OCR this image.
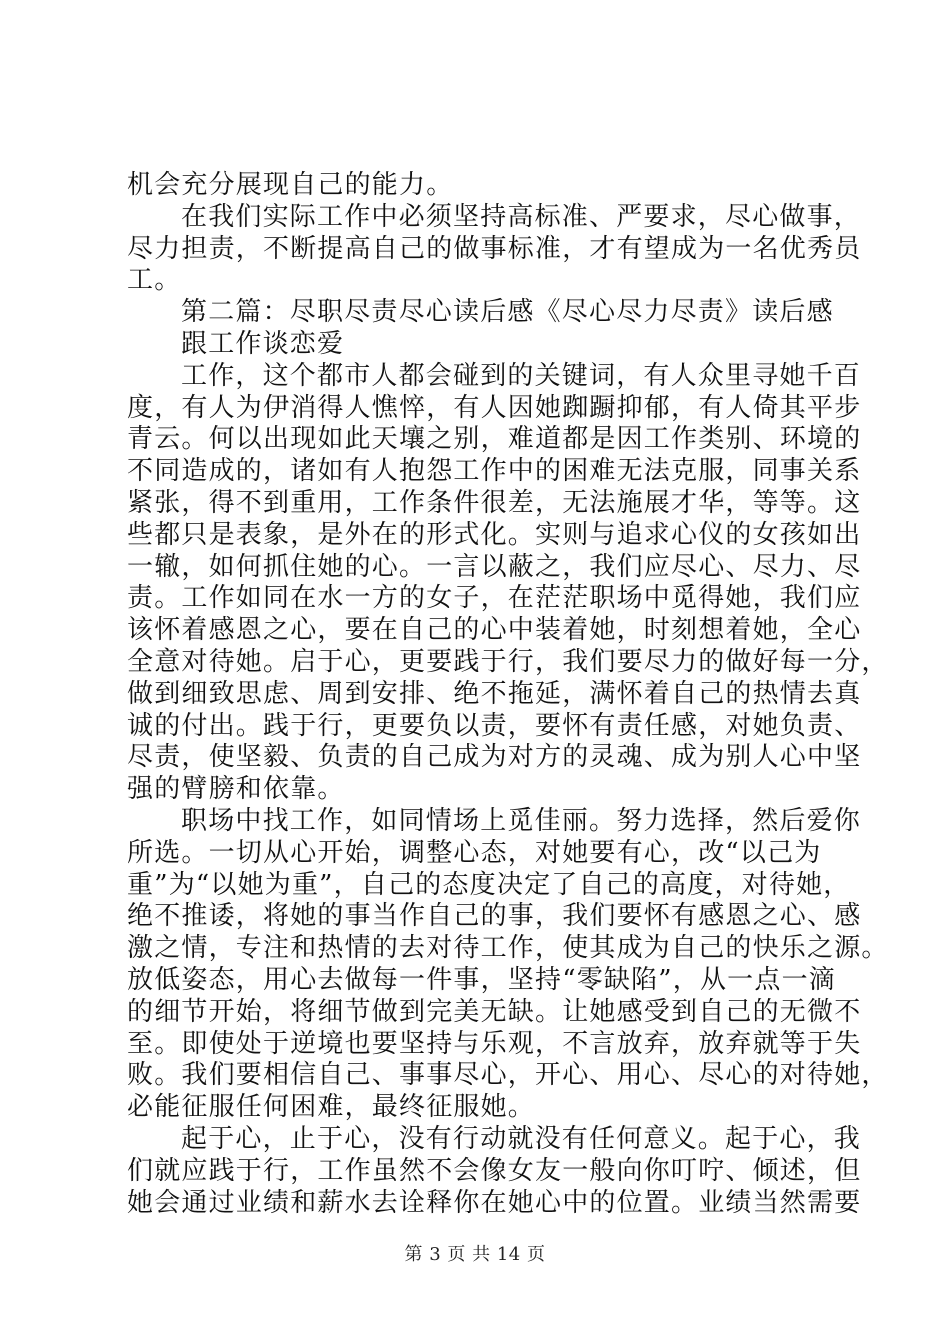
机会充分展现自己的能力。
在我们实际工作中必须坚持高标准、严要求，尽心做事，
尽力担责，不断提高自己的做事标准，才有望成为一名优秀员
工。
第二篇：尽职尽责尽心读后感《尽心尽力尽责》读后感
跟工作谈恋爱
工作，这个都市人都会碰到的关键词，有人众里寻她千百
度，有人为伊消得人憔悴，有人因她踟蹰抑郁，有人倚其平步
青云。何以出现如此天壤之别，难道都是因工作类别、环境的
不同造成的，诸如有人抱怨工作中的困难无法克服，同事关系
紧张，得不到重用，工作条件很差，无法施展才华，等等。这
些都只是表象，是外在的形式化。实则与追求心仪的女孩如出
一辙，如何抓住她的心。一言以蔽之，我们应尽心、尽力、尽
责。工作如同在水一方的女子，在茫茫职场中觅得她，我们应
该怀着感恩之心，要在自己的心中装着她，时刻想着她，全心
全意对待她。启于心，更要践于行，我们要尽力的做好每一分，
做到细致思虑、周到安排、绝不拖延，满怀着自己的热情去真
诚的付出。践于行，更要负以责，要怀有责任感，对她负责、
尽责，使坚毅、负责的自己成为对方的灵魂、成为别人心中坚
强的臂膀和依靠。
职场中找工作，如同情场上觅佳丽。努力选择，然后爱你
所选。一切从心开始，调整心态，对她要有心，改“以己为
重”为“以她为重”，自己的态度决定了自己的高度，对待她，
绝不推诿，将她的事当作自己的事，我们要怀有感恩之心、感
激之情，专注和热情的去对待工作，使其成为自己的快乐之源。
放低姿态，用心去做每一件事，坚持“零缺陷”，从一点一滴
的细节开始，将细节做到完美无缺。让她感受到自己的无微不
至。即使处于逆境也要坚持与乐观，不言放弃，放弃就等于失
败。我们要相信自己、事事尽心，开心、用心、尽心的对待她，
必能征服任何困难，最终征服她。
起于心，止于心，没有行动就没有任何意义。起于心，我
们就应践于行，工作虽然不会像女友一般向你叮咛、倾述，但
她会通过业绩和薪水去诠释你在她心中的位置。业绩当然需要
第 3 页 共 14 页
